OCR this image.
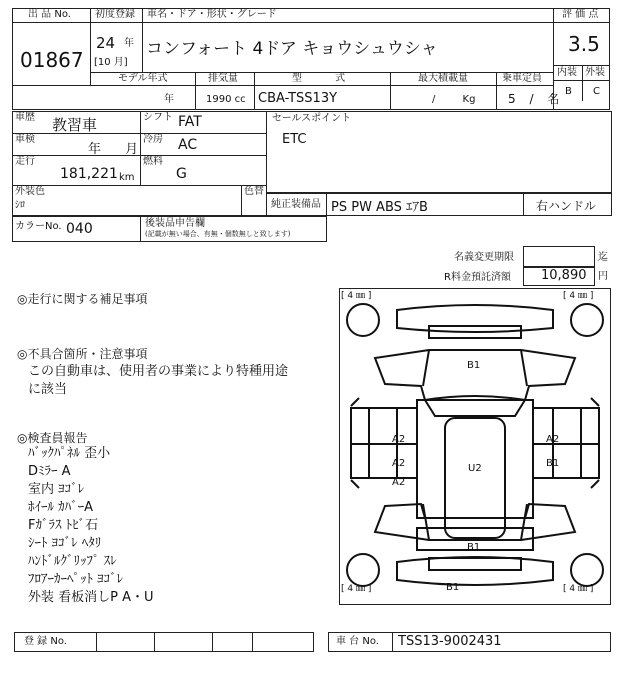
出 品 No.
01867
初度登録
24 年
[10 月]
車名・ドア・形状・グレード
コンフォート 4ドア キョウシュウシャ
評 価 点
3.5
内装 外装
B C
モデル年式
年
排気量
1990 cc
型 式
CBA-TSS13Y
最大積載量
/ Kg
乗車定員
5 / 名
車歴 教習車	シフト FAT
車検
年 月
冷房 AC
走行
181,221 km
燃料
G
外装色
ｼﾛ
色替
セールスポイント
ETC
純正装備品 PS PW ABS ｴｱB	右ハンドル
カラーNo. 040	後装品申告欄
(記載が無い場合、有無・個数無しと致します)
名義変更期限	迄
R料金預託済額 10,890 円
◎走行に関する補足事項
◎不具合箇所・注意事項
この自動車は、使用者の事業により特種用途
に該当
◎検査員報告
ﾊﾞｯｸﾊﾟﾈﾙ 歪小
Dﾐﾗｰ A
室内 ﾖｺﾞﾚ
ﾎｲｰﾙ ｶﾊﾞｰA
Fｶﾞﾗｽ ﾄﾋﾞ石
ｼｰﾄ ﾖｺﾞﾚ ﾍﾀﾘ
ﾊﾝﾄﾞﾙｸﾞﾘｯﾌﾟ ｽﾚ
ﾌﾛｱｰｶｰﾍﾟｯﾄ ﾖｺﾞﾚ
外装 看板消しP A・U
[ 4 ㎜ ]	[ 4 ㎜ ]
[ 4 ㎜ ]	[ 4 ㎜ ]
B1
A2
A2
A2
A2
B1
U2
B1
B1
登 録 No.	車 台 No. TSS13-9002431
